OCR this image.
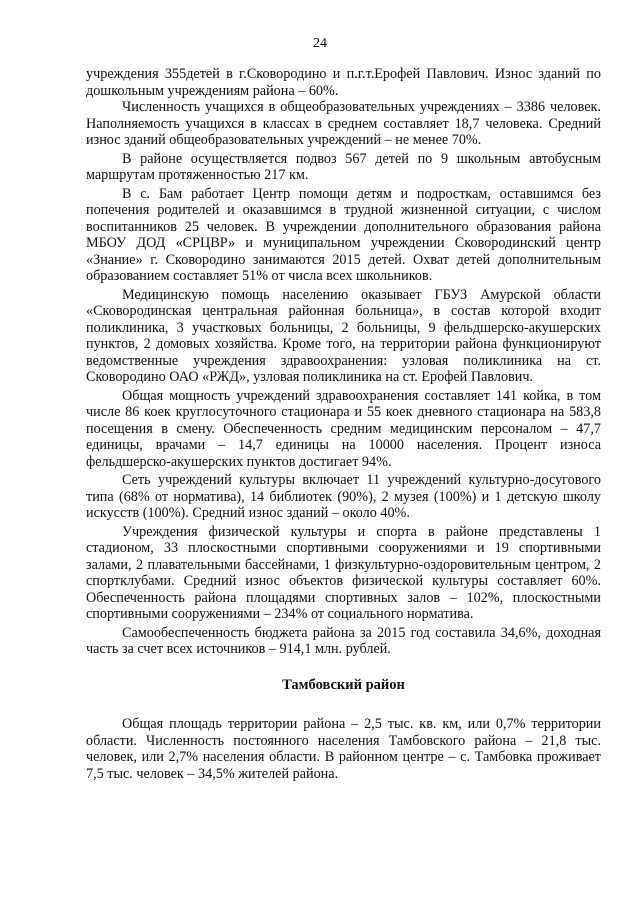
24

учреждения 355детей в г.Сковородино и п.г.т.Ерофей Павлович. Износ зданий по дошкольным учреждениям района – 60%.

Численность учащихся в общеобразовательных учреждениях – 3386 человек. Наполняемость учащихся в классах в среднем составляет 18,7 человека. Средний износ зданий общеобразовательных учреждений – не менее 70%.

В районе осуществляется подвоз 567 детей по 9 школьным автобусным маршрутам протяженностью 217 км.

В с. Бам работает Центр помощи детям и подросткам, оставшимся без попечения родителей и оказавшимся в трудной жизненной ситуации, с числом воспитанников 25 человек. В учреждении дополнительного образования района МБОУ ДОД «СРЦВР» и муниципальном учреждении Сковородинский центр «Знание» г. Сковородино занимаются 2015 детей. Охват детей дополнительным образованием составляет 51% от числа всех школьников.

Медицинскую помощь населению оказывает ГБУЗ Амурской области «Сковородинская центральная районная больница», в состав которой входит поликлиника, 3 участковых больницы, 2 больницы, 9 фельдшерско-акушерских пунктов, 2 домовых хозяйства. Кроме того, на территории района функционируют ведомственные учреждения здравоохранения: узловая поликлиника на ст. Сковородино ОАО «РЖД», узловая поликлиника на ст. Ерофей Павлович.

Общая мощность учреждений здравоохранения составляет 141 койка, в том числе 86 коек круглосуточного стационара и 55 коек дневного стационара на 583,8 посещения в смену. Обеспеченность средним медицинским персоналом – 47,7 единицы, врачами – 14,7 единицы на 10000 населения. Процент износа фельдшерско-акушерских пунктов достигает 94%.

Сеть учреждений культуры включает 11 учреждений культурно-досугового типа (68% от норматива), 14 библиотек (90%), 2 музея (100%) и 1 детскую школу искусств (100%). Средний износ зданий – около 40%.

Учреждения физической культуры и спорта в районе представлены 1 стадионом, 33 плоскостными спортивными сооружениями и 19 спортивными залами, 2 плавательными бассейнами, 1 физкультурно-оздоровительным центром, 2 спортклубами. Средний износ объектов физической культуры составляет 60%. Обеспеченность района площадями спортивных залов – 102%, плоскостными спортивными сооружениями – 234% от социального норматива.

Самообеспеченность бюджета района за 2015 год составила 34,6%, доходная часть за счет всех источников – 914,1 млн. рублей.

Тамбовский район

Общая площадь территории района – 2,5 тыс. кв. км, или 0,7% территории области. Численность постоянного населения Тамбовского района – 21,8 тыс. человек, или 2,7% населения области. В районном центре – с. Тамбовка проживает 7,5 тыс. человек – 34,5% жителей района.
